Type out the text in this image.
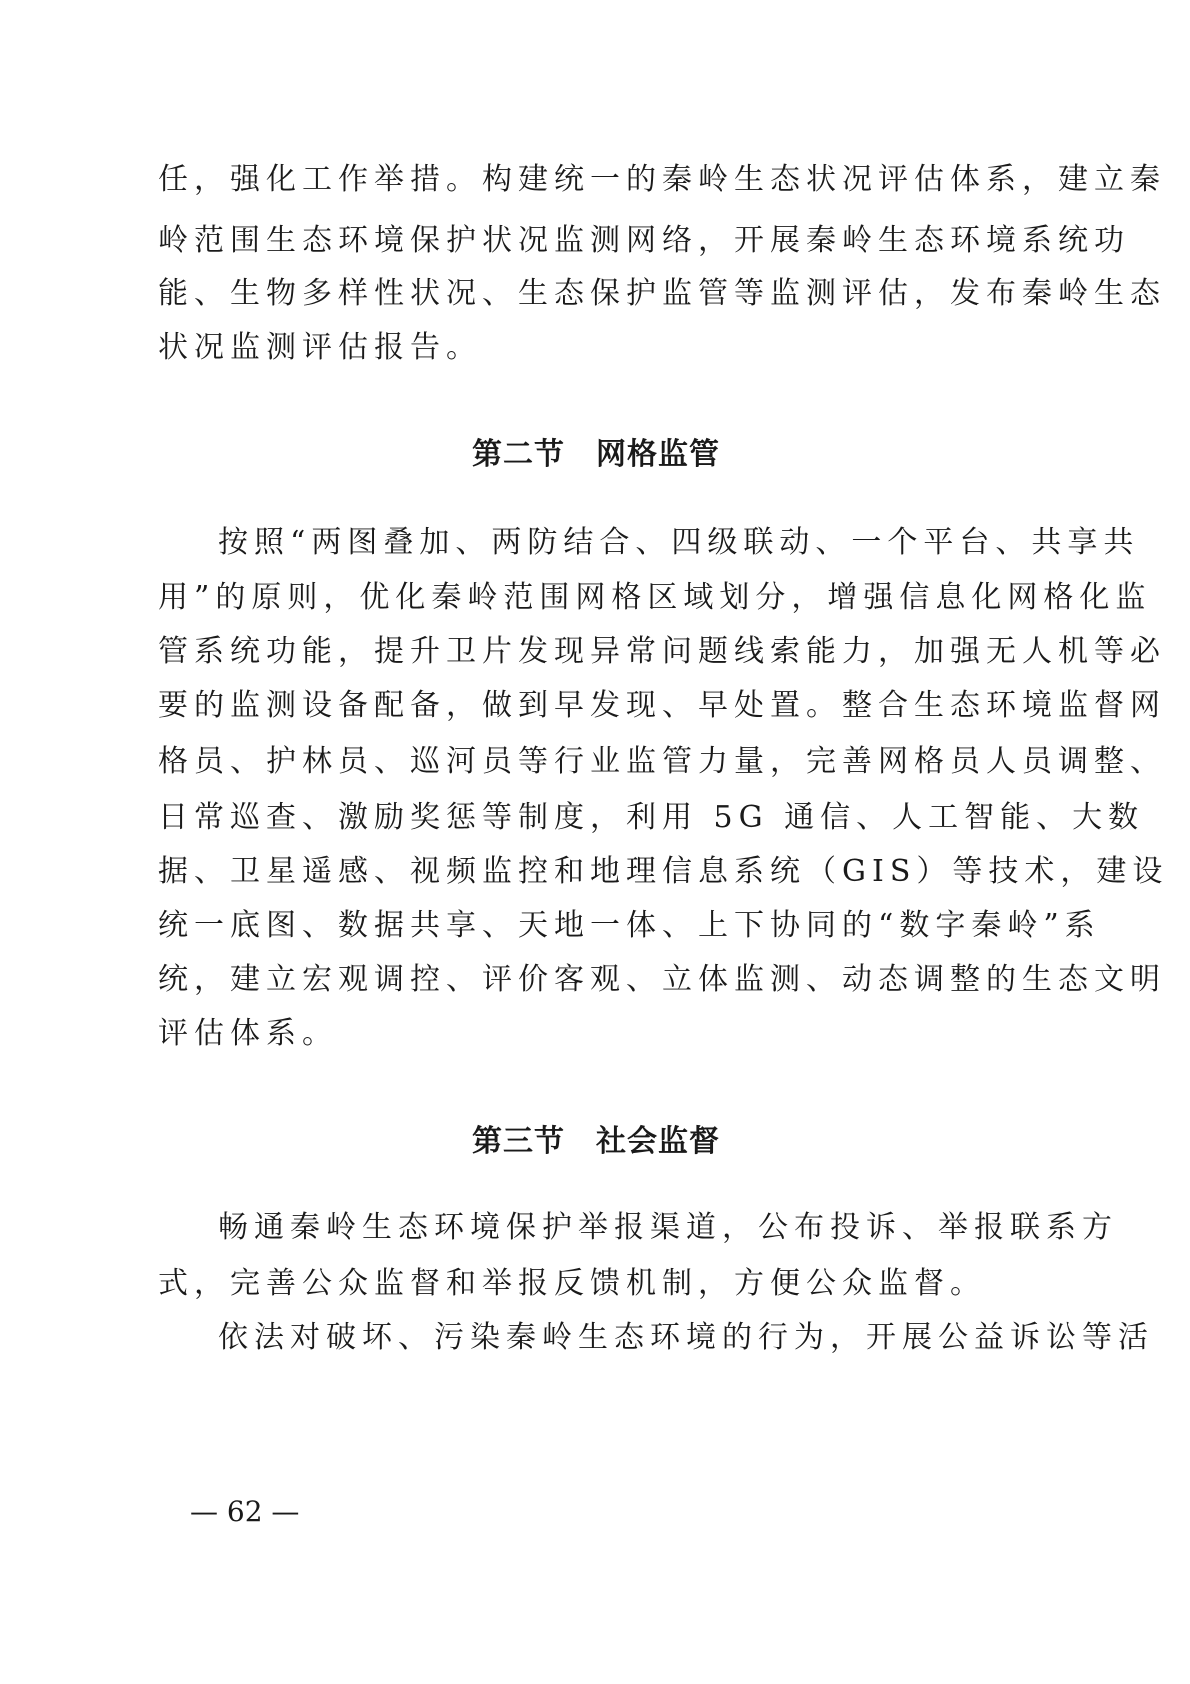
任，强化工作举措。构建统一的秦岭生态状况评估体系，建立秦
岭范围生态环境保护状况监测网络，开展秦岭生态环境系统功
能、生物多样性状况、生态保护监管等监测评估，发布秦岭生态
状况监测评估报告。
第二节　网格监管
按照“两图叠加、两防结合、四级联动、一个平台、共享共
用”的原则，优化秦岭范围网格区域划分，增强信息化网格化监
管系统功能，提升卫片发现异常问题线索能力，加强无人机等必
要的监测设备配备，做到早发现、早处置。整合生态环境监督网
格员、护林员、巡河员等行业监管力量，完善网格员人员调整、
日常巡查、激励奖惩等制度，利用 5G 通信、人工智能、大数
据、卫星遥感、视频监控和地理信息系统（GIS）等技术，建设
统一底图、数据共享、天地一体、上下协同的“数字秦岭”系
统，建立宏观调控、评价客观、立体监测、动态调整的生态文明
评估体系。
第三节　社会监督
畅通秦岭生态环境保护举报渠道，公布投诉、举报联系方
式，完善公众监督和举报反馈机制，方便公众监督。
依法对破坏、污染秦岭生态环境的行为，开展公益诉讼等活
— 62 —
